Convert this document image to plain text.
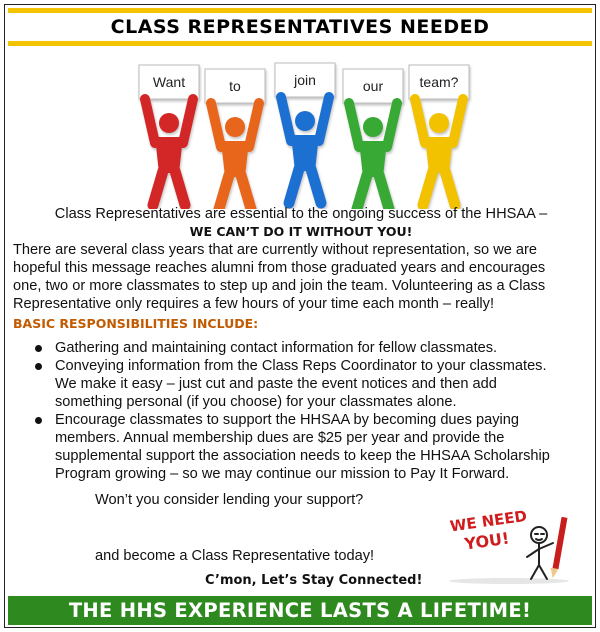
CLASS REPRESENTATIVES NEEDED
Want	to	join	our	team?
Class Representatives are essential to the ongoing success of the HHSAA –
WE CAN’T DO IT WITHOUT YOU!
There are several class years that are currently without representation, so we are
hopeful this message reaches alumni from those graduated years and encourages
one, two or more classmates to step up and join the team. Volunteering as a Class
Representative only requires a few hours of your time each month – really!
BASIC RESPONSIBILITIES INCLUDE:
Gathering and maintaining contact information for fellow classmates.
Conveying information from the Class Reps Coordinator to your classmates.
We make it easy – just cut and paste the event notices and then add
something personal (if you choose) for your classmates alone.
Encourage classmates to support the HHSAA by becoming dues paying
members. Annual membership dues are $25 per year and provide the
supplemental support the association needs to keep the HHSAA Scholarship
Program growing – so we may continue our mission to Pay It Forward.
Won’t you consider lending your support?
and become a Class Representative today!
C’mon, Let’s Stay Connected!
WE NEED
YOU!
THE HHS EXPERIENCE LASTS A LIFETIME!
